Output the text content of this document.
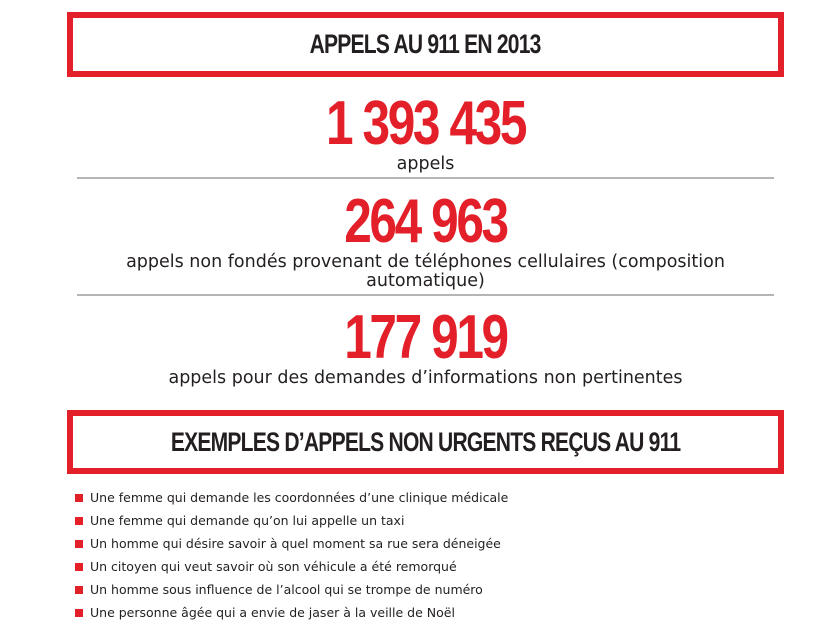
APPELS AU 911 EN 2013
1 393 435
appels
264 963
appels non fondés provenant de téléphones cellulaires (composition automatique)
177 919
appels pour des demandes d’informations non pertinentes
EXEMPLES D’APPELS NON URGENTS REÇUS AU 911
Une femme qui demande les coordonnées d’une clinique médicale
Une femme qui demande qu’on lui appelle un taxi
Un homme qui désire savoir à quel moment sa rue sera déneigée
Un citoyen qui veut savoir où son véhicule a été remorqué
Un homme sous influence de l’alcool qui se trompe de numéro
Une personne âgée qui a envie de jaser à la veille de Noël
